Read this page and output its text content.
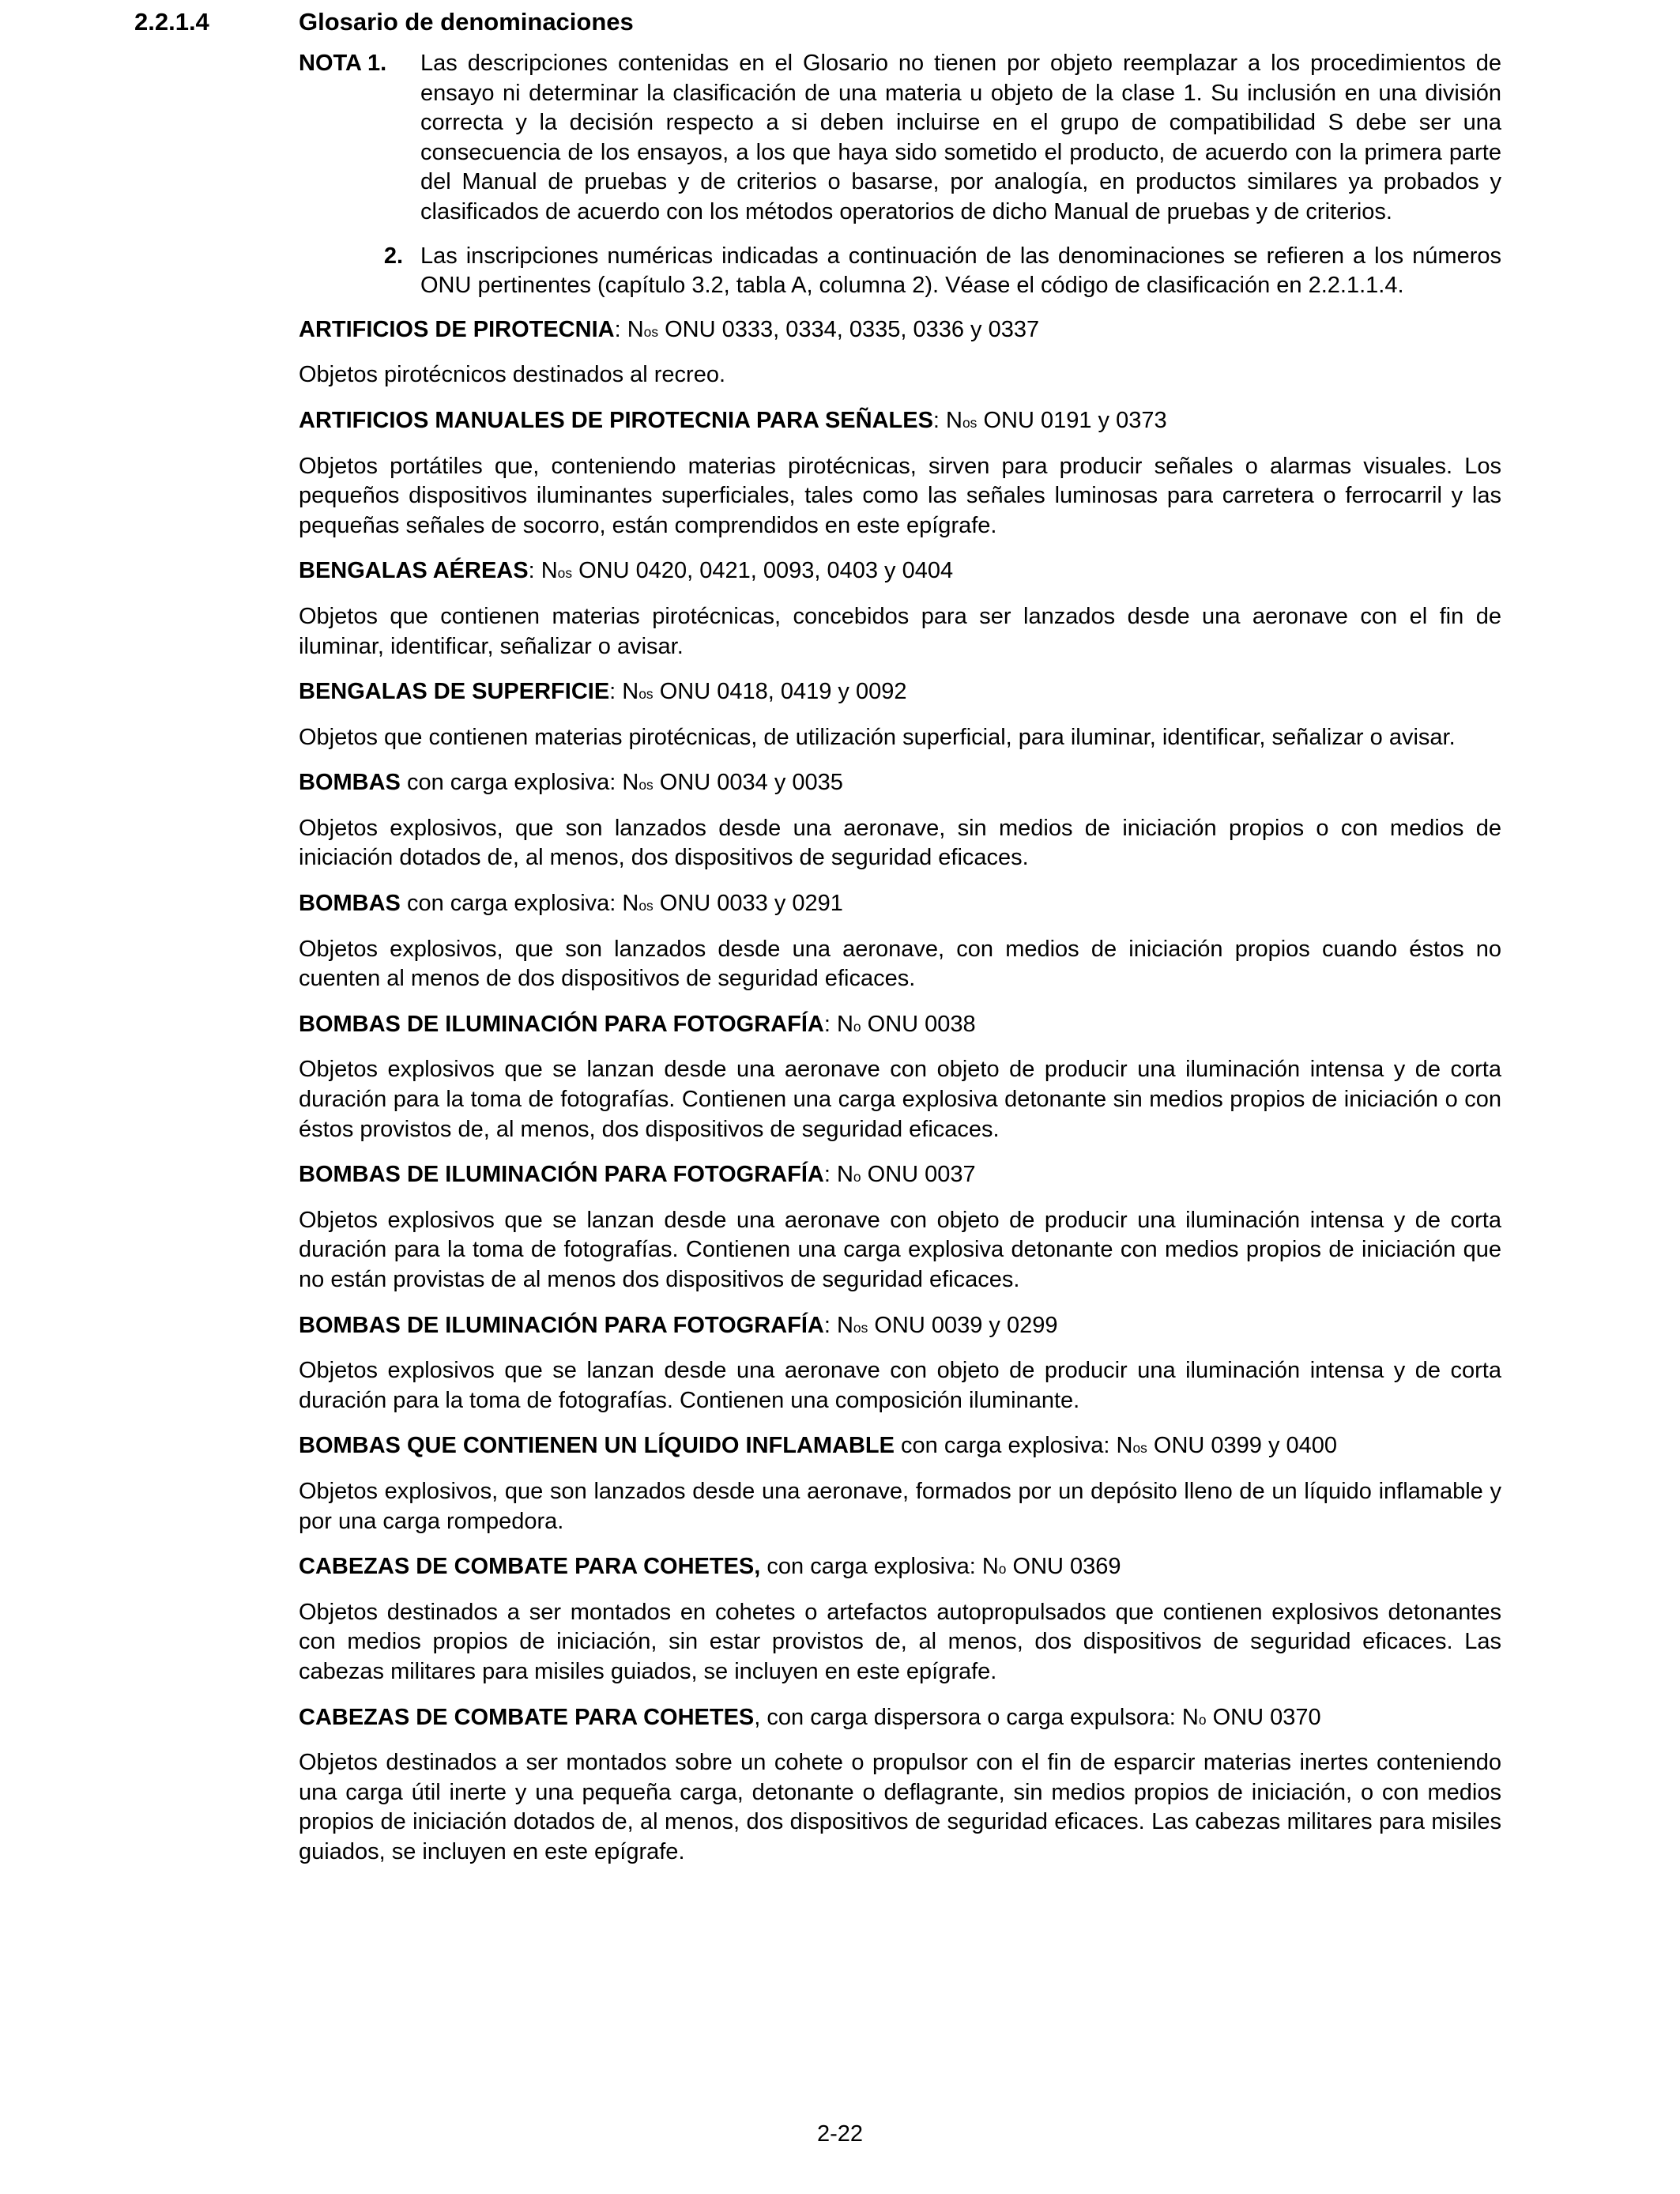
2.2.1.4	Glosario de denominaciones
NOTA 1.	Las descripciones contenidas en el Glosario no tienen por objeto reemplazar a los procedimientos de ensayo ni determinar la clasificación de una materia u objeto de la clase 1. Su inclusión en una división correcta y la decisión respecto a si deben incluirse en el grupo de compatibilidad S debe ser una consecuencia de los ensayos, a los que haya sido sometido el producto, de acuerdo con la primera parte del Manual de pruebas y de criterios o basarse, por analogía, en productos similares ya probados y clasificados de acuerdo con los métodos operatorios de dicho Manual de pruebas y de criterios.
2. Las inscripciones numéricas indicadas a continuación de las denominaciones se refieren a los números ONU pertinentes (capítulo 3.2, tabla A, columna 2). Véase el código de clasificación en 2.2.1.1.4.
ARTIFICIOS DE PIROTECNIA: $N^{os}$ ONU 0333, 0334, 0335, 0336 y 0337
Objetos pirotécnicos destinados al recreo.
ARTIFICIOS MANUALES DE PIROTECNIA PARA SEÑALES: $N^{os}$ ONU 0191 y 0373
Objetos portátiles que, conteniendo materias pirotécnicas, sirven para producir señales o alarmas visuales. Los pequeños dispositivos iluminantes superficiales, tales como las señales luminosas para carretera o ferrocarril y las pequeñas señales de socorro, están comprendidos en este epígrafe.
BENGALAS AÉREAS: $N^{os}$ ONU 0420, 0421, 0093, 0403 y 0404
Objetos que contienen materias pirotécnicas, concebidos para ser lanzados desde una aeronave con el fin de iluminar, identificar, señalizar o avisar.
BENGALAS DE SUPERFICIE: $N^{os}$ ONU 0418, 0419 y 0092
Objetos que contienen materias pirotécnicas, de utilización superficial, para iluminar, identificar, señalizar o avisar.
BOMBAS con carga explosiva: $N^{os}$ ONU 0034 y 0035
Objetos explosivos, que son lanzados desde una aeronave, sin medios de iniciación propios o con medios de iniciación dotados de, al menos, dos dispositivos de seguridad eficaces.
BOMBAS con carga explosiva: $N^{os}$ ONU 0033 y 0291
Objetos explosivos, que son lanzados desde una aeronave, con medios de iniciación propios cuando éstos no cuenten al menos de dos dispositivos de seguridad eficaces.
BOMBAS DE ILUMINACIÓN PARA FOTOGRAFÍA: $N^o$ ONU 0038
Objetos explosivos que se lanzan desde una aeronave con objeto de producir una iluminación intensa y de corta duración para la toma de fotografías. Contienen una carga explosiva detonante sin medios propios de iniciación o con éstos provistos de, al menos, dos dispositivos de seguridad eficaces.
BOMBAS DE ILUMINACIÓN PARA FOTOGRAFÍA: $N^o$ ONU 0037
Objetos explosivos que se lanzan desde una aeronave con objeto de producir una iluminación intensa y de corta duración para la toma de fotografías. Contienen una carga explosiva detonante con medios propios de iniciación que no están provistas de al menos dos dispositivos de seguridad eficaces.
BOMBAS DE ILUMINACIÓN PARA FOTOGRAFÍA: $N^{os}$ ONU 0039 y 0299
Objetos explosivos que se lanzan desde una aeronave con objeto de producir una iluminación intensa y de corta duración para la toma de fotografías. Contienen una composición iluminante.
BOMBAS QUE CONTIENEN UN LÍQUIDO INFLAMABLE con carga explosiva: $N^{os}$ ONU 0399 y 0400
Objetos explosivos, que son lanzados desde una aeronave, formados por un depósito lleno de un líquido inflamable y por una carga rompedora.
CABEZAS DE COMBATE PARA COHETES, con carga explosiva: $N^o$ ONU 0369
Objetos destinados a ser montados en cohetes o artefactos autopropulsados que contienen explosivos detonantes con medios propios de iniciación, sin estar provistos de, al menos, dos dispositivos de seguridad eficaces. Las cabezas militares para misiles guiados, se incluyen en este epígrafe.
CABEZAS DE COMBATE PARA COHETES, con carga dispersora o carga expulsora: $N^o$ ONU 0370
Objetos destinados a ser montados sobre un cohete o propulsor con el fin de esparcir materias inertes conteniendo una carga útil inerte y una pequeña carga, detonante o deflagrante, sin medios propios de iniciación, o con medios propios de iniciación dotados de, al menos, dos dispositivos de seguridad eficaces. Las cabezas militares para misiles guiados, se incluyen en este epígrafe.
2-22
